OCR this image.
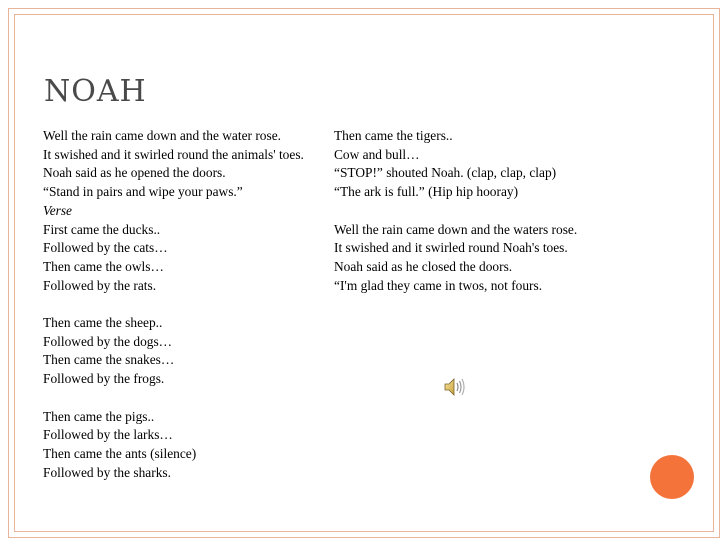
NOAH
Well the rain came down and the water rose.
It swished and it swirled round the animals' toes.
Noah said as he opened the doors.
“Stand in pairs and wipe your paws.”
Verse
First came the ducks..
Followed by the cats…
Then came the owls…
Followed by the rats.
Then came the sheep..
Followed by the dogs…
Then came the snakes…
Followed by the frogs.
Then came the pigs..
Followed by the larks…
Then came the ants (silence)
Followed by the sharks.
Then came the tigers..
Cow and bull…
“STOP!” shouted Noah. (clap, clap, clap)
“The ark is full.” (Hip hip hooray)
Well the rain came down and the waters rose.
It swished and it swirled round Noah's toes.
Noah said as he closed the doors.
“I'm glad they came in twos, not fours.
